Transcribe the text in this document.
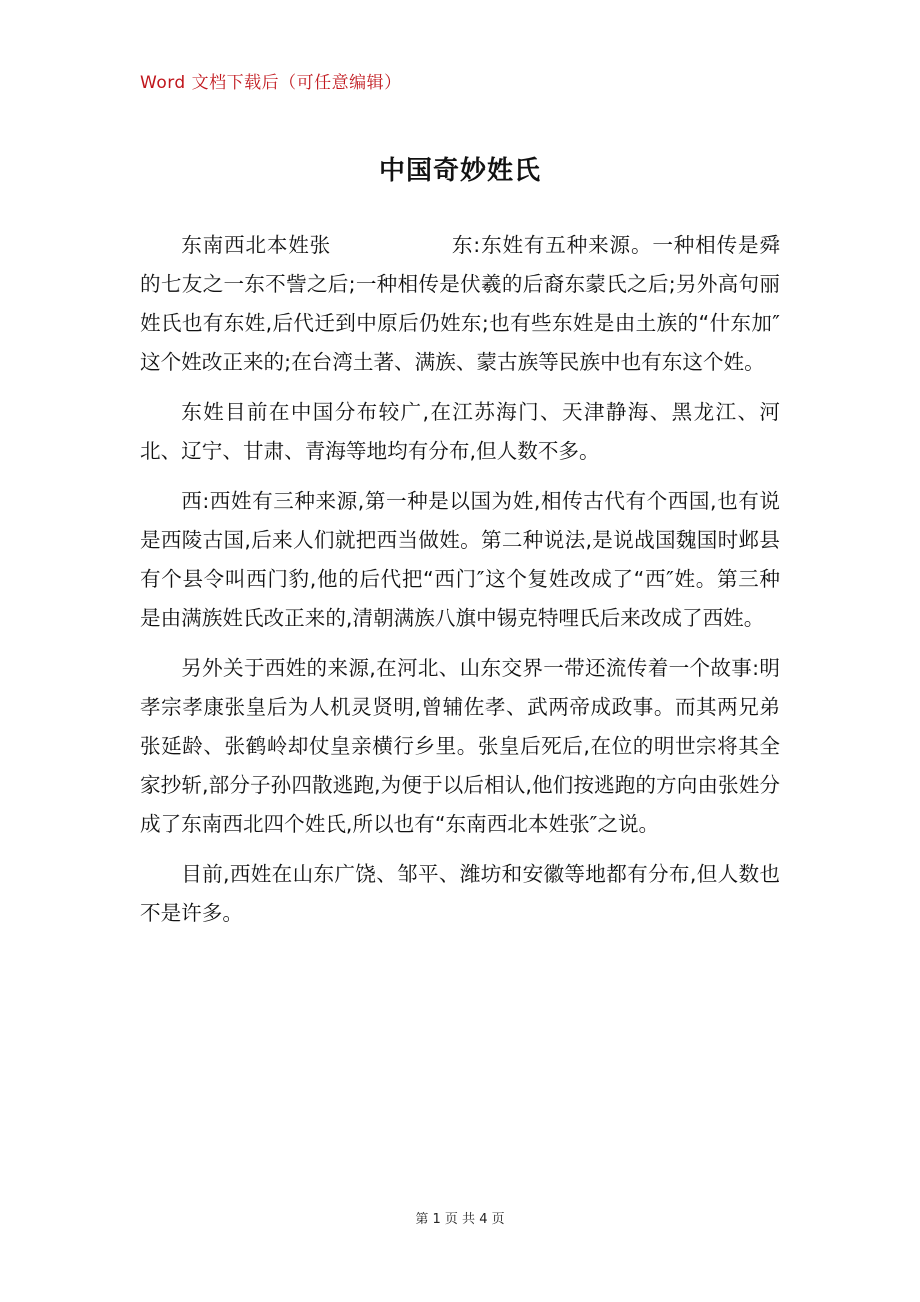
Word 文档下载后（可任意编辑）
中国奇妙姓氏

东南西北本姓张	东:东姓有五种来源。一种相传是舜的七友之一东不訾之后;一种相传是伏羲的后裔东蒙氏之后;另外高句丽姓氏也有东姓,后代迁到中原后仍姓东;也有些东姓是由土族的“什东加″这个姓改正来的;在台湾土著、满族、蒙古族等民族中也有东这个姓。

东姓目前在中国分布较广,在江苏海门、天津静海、黑龙江、河北、辽宁、甘肃、青海等地均有分布,但人数不多。

西:西姓有三种来源,第一种是以国为姓,相传古代有个西国,也有说是西陵古国,后来人们就把西当做姓。第二种说法,是说战国魏国时邺县有个县令叫西门豹,他的后代把“西门″这个复姓改成了“西″姓。第三种是由满族姓氏改正来的,清朝满族八旗中锡克特哩氏后来改成了西姓。

另外关于西姓的来源,在河北、山东交界一带还流传着一个故事:明孝宗孝康张皇后为人机灵贤明,曾辅佐孝、武两帝成政事。而其两兄弟张延龄、张鹤岭却仗皇亲横行乡里。张皇后死后,在位的明世宗将其全家抄斩,部分子孙四散逃跑,为便于以后相认,他们按逃跑的方向由张姓分成了东南西北四个姓氏,所以也有“东南西北本姓张″之说。

目前,西姓在山东广饶、邹平、潍坊和安徽等地都有分布,但人数也不是许多。

第 1 页 共 4 页
